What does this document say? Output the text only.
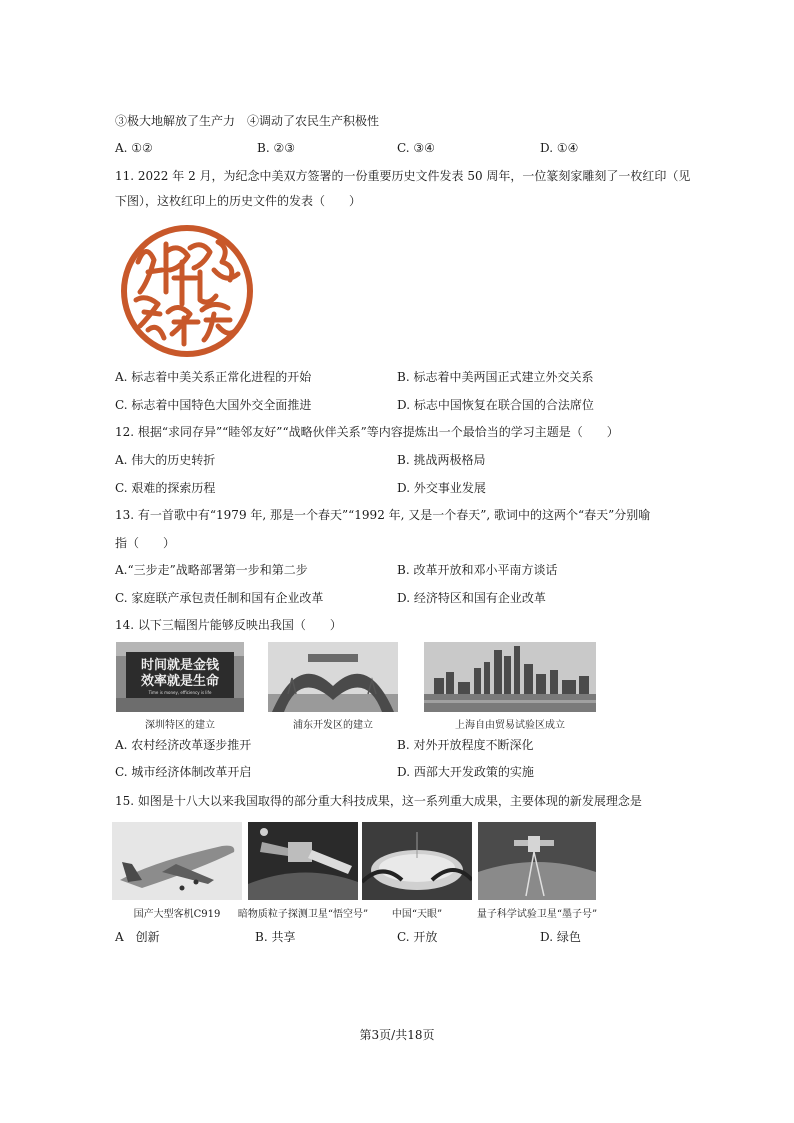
③极大地解放了生产力　④调动了农民生产积极性
A. ①②	B. ②③	C. ③④	D. ①④
11. 2022 年 2 月，为纪念中美双方签署的一份重要历史文件发表 50 周年，一位篆刻家雕刻了一枚红印（见
下图），这枚红印上的历史文件的发表（　　）
A. 标志着中美关系正常化进程的开始	B. 标志着中美两国正式建立外交关系
C. 标志着中国特色大国外交全面推进	D. 标志中国恢复在联合国的合法席位
12. 根据“求同存异”“睦邻友好”“战略伙伴关系”等内容提炼出一个最恰当的学习主题是（　　）
A. 伟大的历史转折	B. 挑战两极格局
C. 艰难的探索历程	D. 外交事业发展
13. 有一首歌中有“1979 年, 那是一个春天”“1992 年, 又是一个春天”, 歌词中的这两个“春天”分别喻
指（　　）
A.“三步走”战略部署第一步和第二步	B. 改革开放和邓小平南方谈话
C. 家庭联产承包责任制和国有企业改革	D. 经济特区和国有企业改革
14. 以下三幅图片能够反映出我国（　　）
时间就是金钱
效率就是生命
Time is money, efficiency is life
深圳特区的建立	浦东开发区的建立	上海自由贸易试验区成立
A. 农村经济改革逐步推开	B. 对外开放程度不断深化
C. 城市经济体制改革开启	D. 西部大开发政策的实施
15. 如图是十八大以来我国取得的部分重大科技成果，这一系列重大成果，主要体现的新发展理念是
国产大型客机C919	暗物质粒子探测卫星“悟空号”	中国“天眼”	量子科学试验卫星“墨子号”
A　创新	B. 共享	C. 开放	D. 绿色
第3页/共18页
